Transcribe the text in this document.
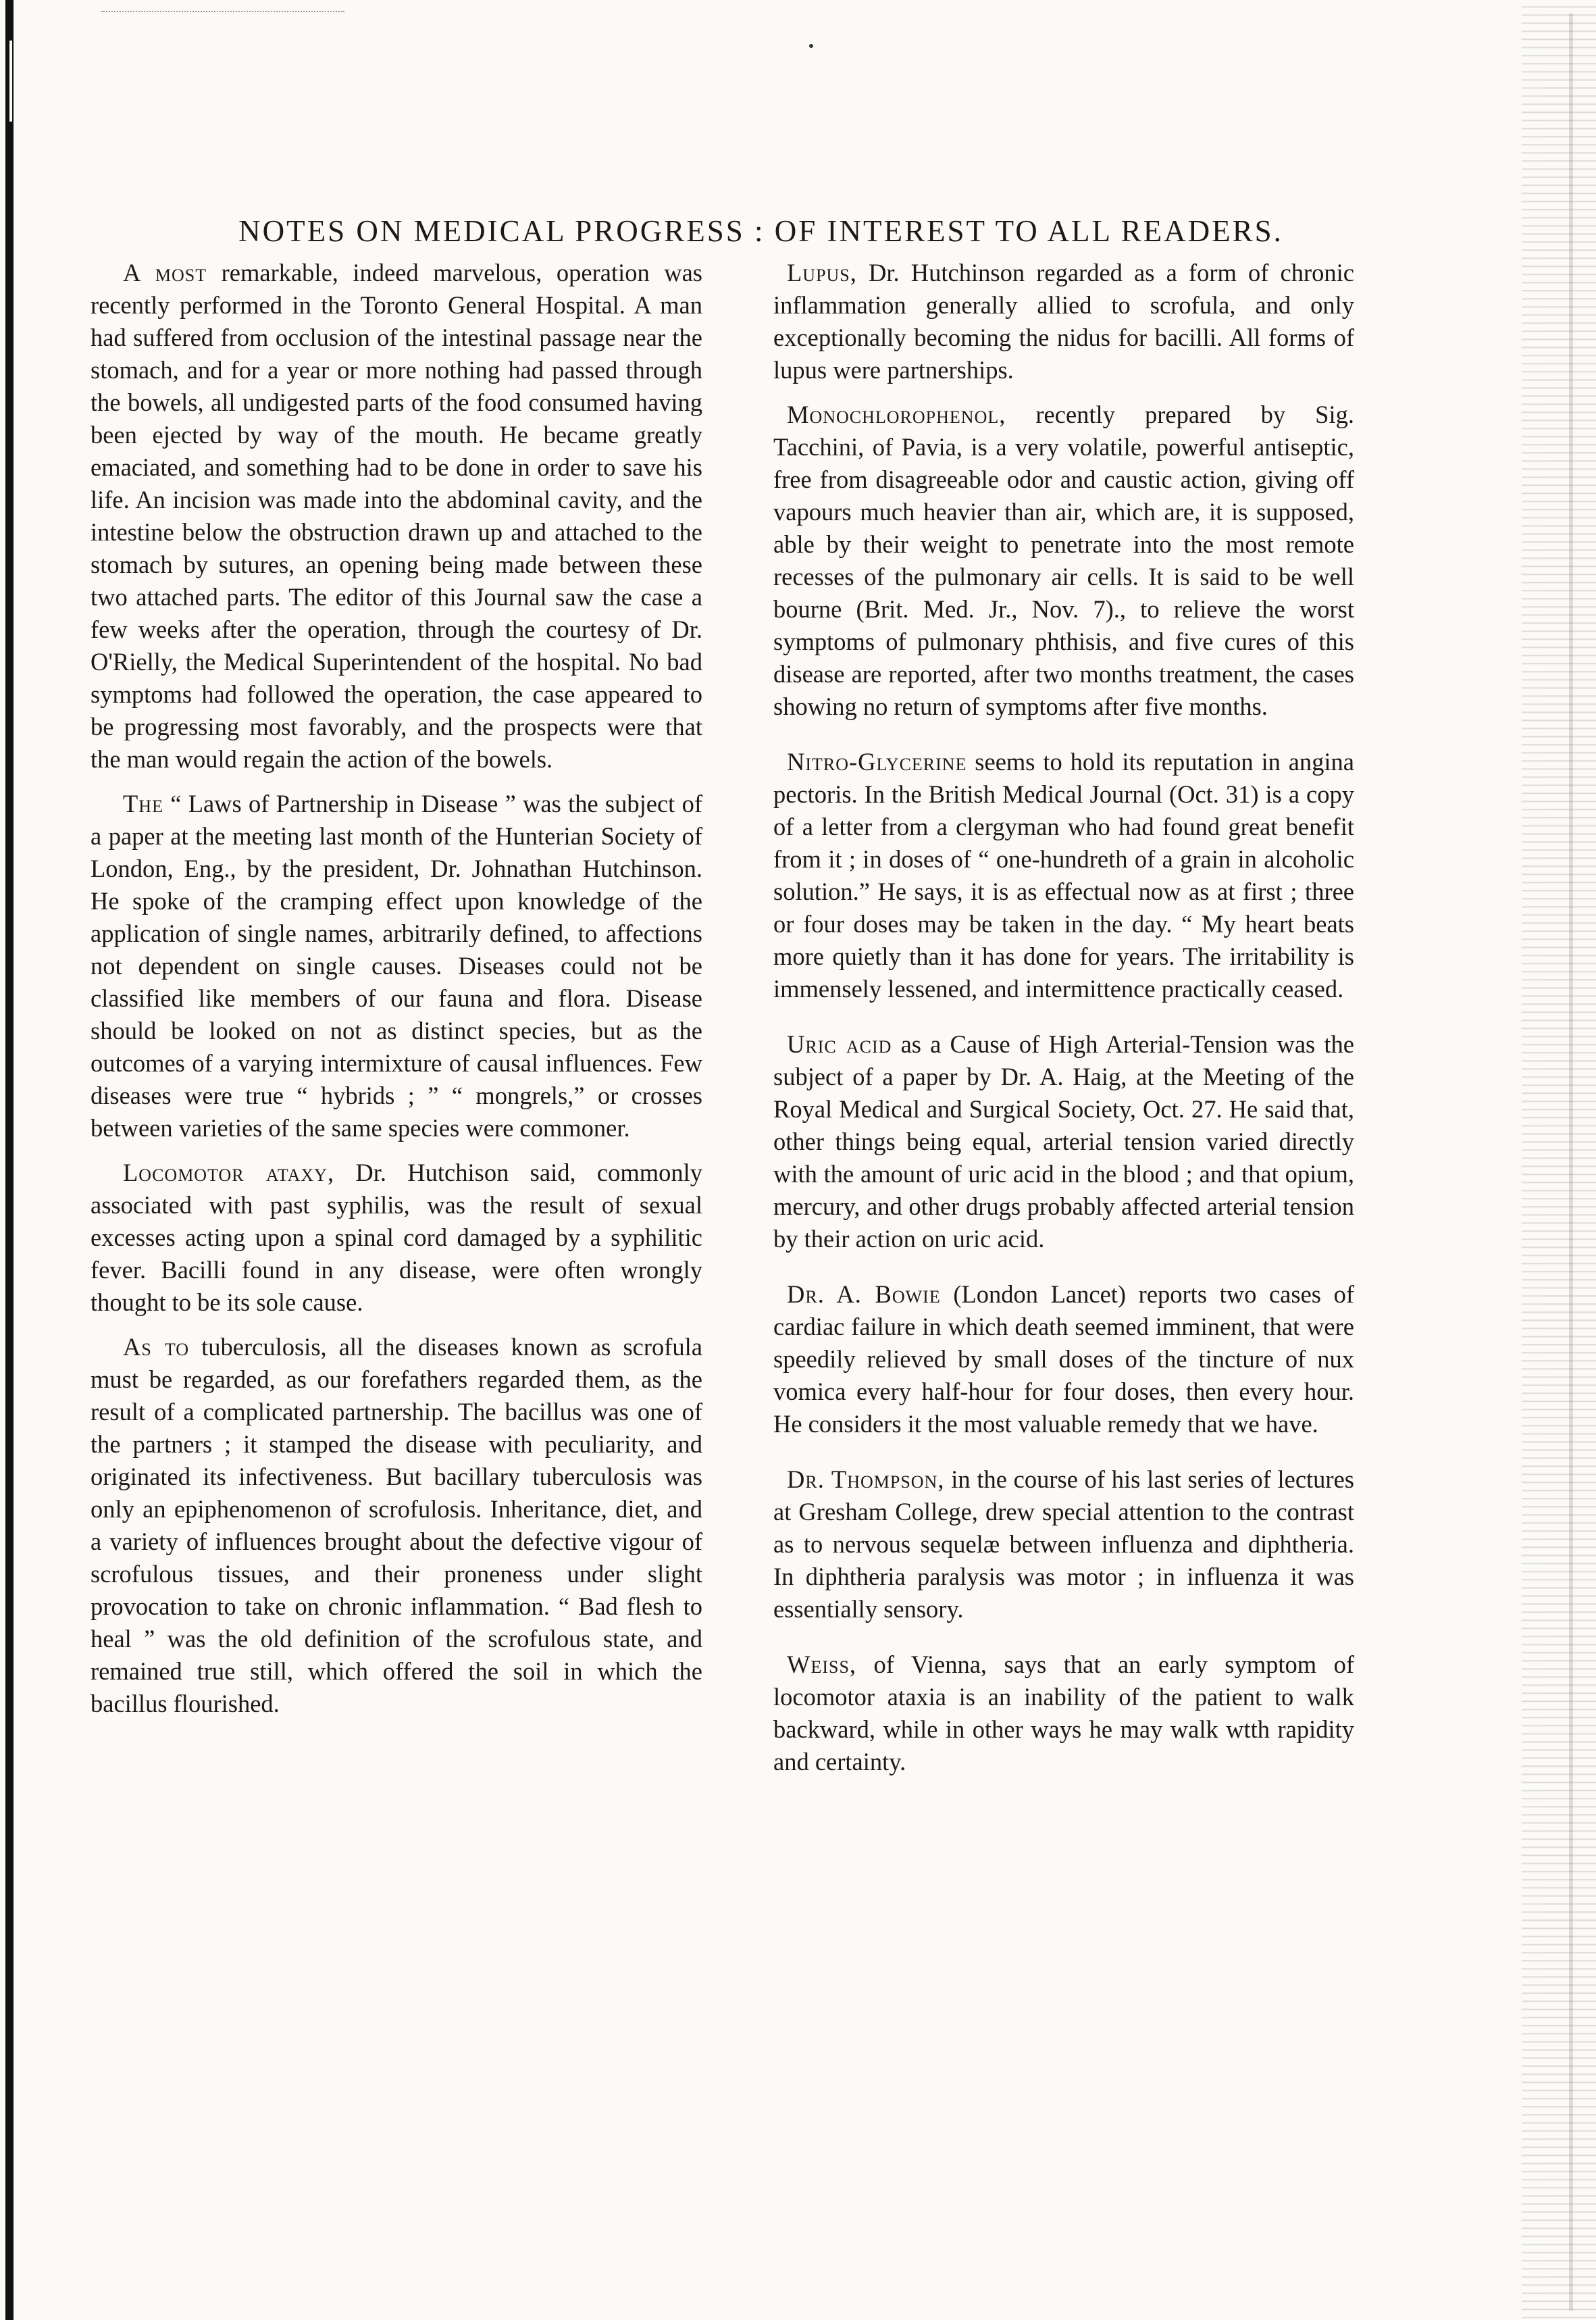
NOTES ON MEDICAL PROGRESS : OF INTEREST TO ALL READERS.

A most remarkable, indeed marvelous, operation was recently performed in the Toronto General Hospital. A man had suffered from occlusion of the intestinal passage near the stomach, and for a year or more nothing had passed through the bowels, all undigested parts of the food consumed having been ejected by way of the mouth. He became greatly emaciated, and something had to be done in order to save his life. An incision was made into the abdominal cavity, and the intestine below the obstruction drawn up and attached to the stomach by sutures, an opening being made between these two attached parts. The editor of this Journal saw the case a few weeks after the operation, through the courtesy of Dr. O'Rielly, the Medical Superintendent of the hospital. No bad symptoms had followed the operation, the case appeared to be progressing most favorably, and the prospects were that the man would regain the action of the bowels.

The “ Laws of Partnership in Disease ” was the subject of a paper at the meeting last month of the Hunterian Society of London, Eng., by the president, Dr. Johnathan Hutchinson. He spoke of the cramping effect upon knowledge of the application of single names, arbitrarily defined, to affections not dependent on single causes. Diseases could not be classified like members of our fauna and flora. Disease should be looked on not as distinct species, but as the outcomes of a varying intermixture of causal influences. Few diseases were true “ hybrids ; ” “ mongrels,” or crosses between varieties of the same species were commoner.

Locomotor ataxy, Dr. Hutchison said, commonly associated with past syphilis, was the result of sexual excesses acting upon a spinal cord damaged by a syphilitic fever. Bacilli found in any disease, were often wrongly thought to be its sole cause.

As to tuberculosis, all the diseases known as scrofula must be regarded, as our forefathers regarded them, as the result of a complicated partnership. The bacillus was one of the partners ; it stamped the disease with peculiarity, and originated its infectiveness. But bacillary tuberculosis was only an epiphenomenon of scrofulosis. Inheritance, diet, and a variety of influences brought about the defective vigour of scrofulous tissues, and their proneness under slight provocation to take on chronic inflammation. “ Bad flesh to heal ” was the old definition of the scrofulous state, and remained true still, which offered the soil in which the bacillus flourished.

Lupus, Dr. Hutchinson regarded as a form of chronic inflammation generally allied to scrofula, and only exceptionally becoming the nidus for bacilli. All forms of lupus were partnerships.

Monochlorophenol, recently prepared by Sig. Tacchini, of Pavia, is a very volatile, powerful antiseptic, free from disagreeable odor and caustic action, giving off vapours much heavier than air, which are, it is supposed, able by their weight to penetrate into the most remote recesses of the pulmonary air cells. It is said to be well bourne (Brit. Med. Jr., Nov. 7)., to relieve the worst symptoms of pulmonary phthisis, and five cures of this disease are reported, after two months treatment, the cases showing no return of symptoms after five months.

Nitro-Glycerine seems to hold its reputation in angina pectoris. In the British Medical Journal (Oct. 31) is a copy of a letter from a clergyman who had found great benefit from it ; in doses of “ one-hundreth of a grain in alcoholic solution.” He says, it is as effectual now as at first ; three or four doses may be taken in the day. “ My heart beats more quietly than it has done for years. The irritability is immensely lessened, and intermittence practically ceased.

Uric acid as a Cause of High Arterial-Tension was the subject of a paper by Dr. A. Haig, at the Meeting of the Royal Medical and Surgical Society, Oct. 27. He said that, other things being equal, arterial tension varied directly with the amount of uric acid in the blood ; and that opium, mercury, and other drugs probably affected arterial tension by their action on uric acid.

Dr. A. Bowie (London Lancet) reports two cases of cardiac failure in which death seemed imminent, that were speedily relieved by small doses of the tincture of nux vomica every half-hour for four doses, then every hour. He considers it the most valuable remedy that we have.

Dr. Thompson, in the course of his last series of lectures at Gresham College, drew special attention to the contrast as to nervous sequelæ between influenza and diphtheria. In diphtheria paralysis was motor ; in influenza it was essentially sensory.

Weiss, of Vienna, says that an early symptom of locomotor ataxia is an inability of the patient to walk backward, while in other ways he may walk wtth rapidity and certainty.
